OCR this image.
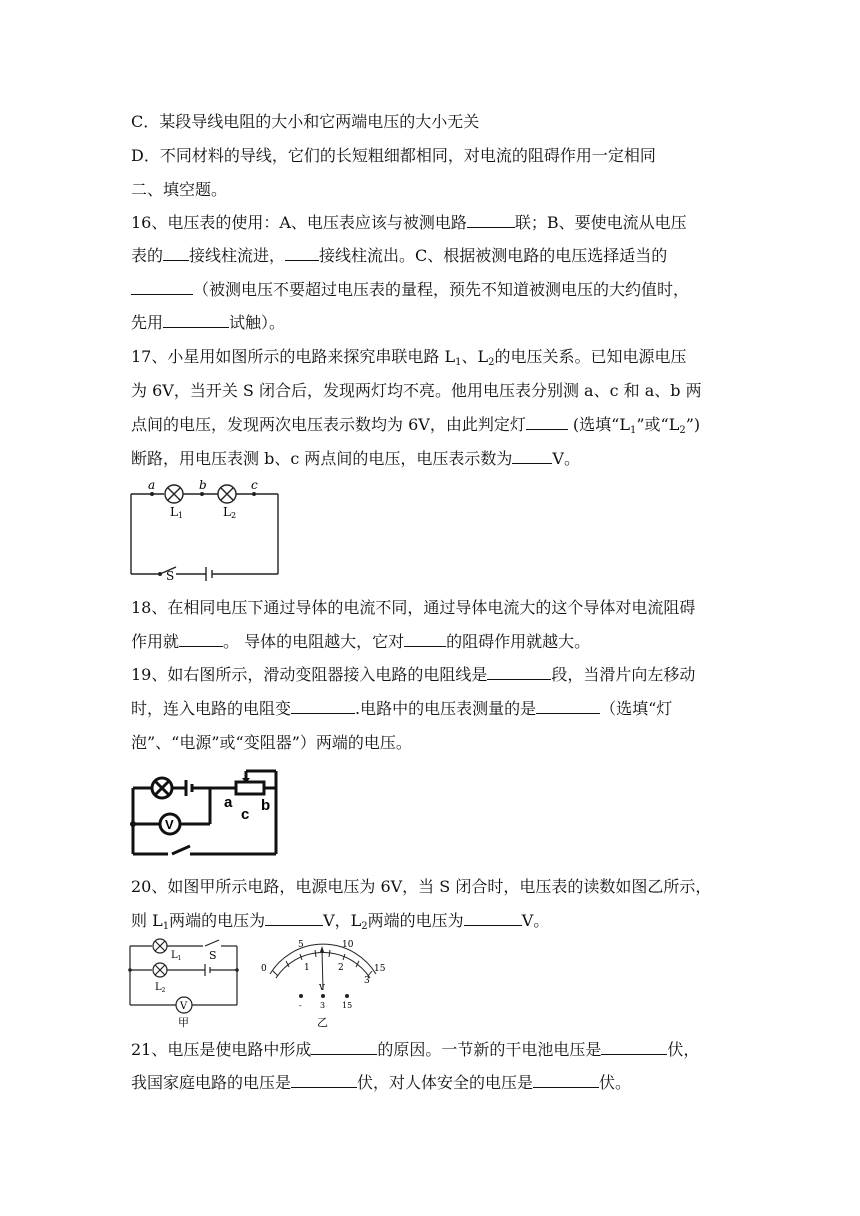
C．某段导线电阻的大小和它两端电压的大小无关
D．不同材料的导线，它们的长短粗细都相同，对电流的阻碍作用一定相同
二、填空题。
16、电压表的使用：A、电压表应该与被测电路	联；B、要使电流从电压
表的 接线柱流进， 接线柱流出。C、根据被测电路的电压选择适当的
（被测电压不要超过电压表的量程，预先不知道被测电压的大约值时，
先用	试触）。
17、小星用如图所示的电路来探究串联电路 $L_1$、$L_2$的电压关系。已知电源电压
为 6V，当开关 S 闭合后，发现两灯均不亮。他用电压表分别测 a、c 和 a、b 两
点间的电压，发现两次电压表示数均为 6V，由此判定灯	(选填“$L_1$”或“$L_2$”)
断路，用电压表测 b、c 两点间的电压，电压表示数为	V。
a	b	c
L1	L2
S
18、在相同电压下通过导体的电流不同，通过导体电流大的这个导体对电流阻碍
作用就	。 导体的电阻越大，它对	的阻碍作用就越大。
19、如右图所示，滑动变阻器接入电路的电阻线是	段，当滑片向左移动
时，连入电路的电阻变	.电路中的电压表测量的是	（选填“灯
泡”、“电源”或“变阻器”）两端的电压。
V
a b
c
20、如图甲所示电路，电源电压为 6V，当 S 闭合时，电压表的读数如图乙所示，
则 $L_1$两端的电压为	V，$L_2$两端的电压为	V。
$L_1$
$L_2$
S
V
甲
0
5	10
15
1	2
3
V
- 3 15
乙
21、电压是使电路中形成	的原因。一节新的干电池电压是	伏，
我国家庭电路的电压是	伏，对人体安全的电压是	伏。
